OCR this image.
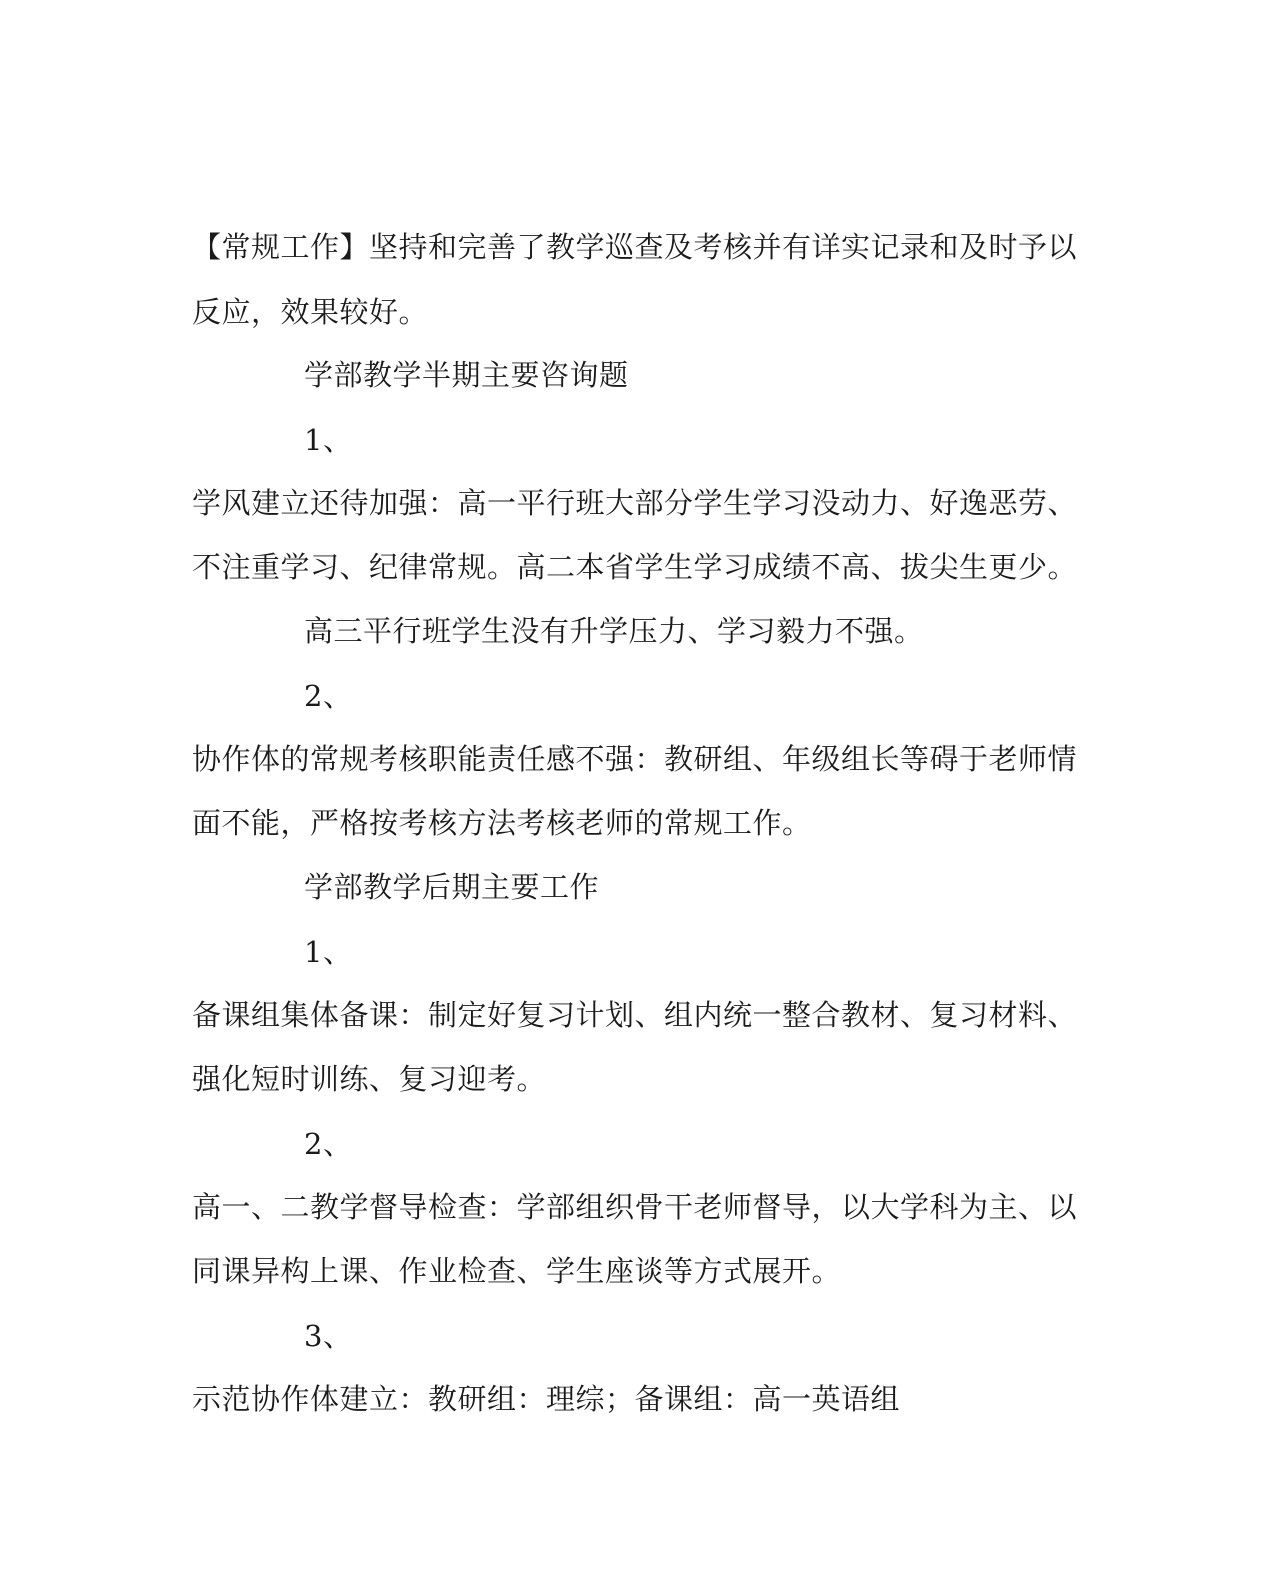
【常规工作】坚持和完善了教学巡查及考核并有详实记录和及时予以
反应，效果较好。
学部教学半期主要咨询题
1、
学风建立还待加强：高一平行班大部分学生学习没动力、好逸恶劳、
不注重学习、纪律常规。高二本省学生学习成绩不高、拔尖生更少。
高三平行班学生没有升学压力、学习毅力不强。
2、
协作体的常规考核职能责任感不强：教研组、年级组长等碍于老师情
面不能，严格按考核方法考核老师的常规工作。
学部教学后期主要工作
1、
备课组集体备课：制定好复习计划、组内统一整合教材、复习材料、
强化短时训练、复习迎考。
2、
高一、二教学督导检查：学部组织骨干老师督导，以大学科为主、以
同课异构上课、作业检查、学生座谈等方式展开。
3、
示范协作体建立：教研组：理综；备课组：高一英语组
